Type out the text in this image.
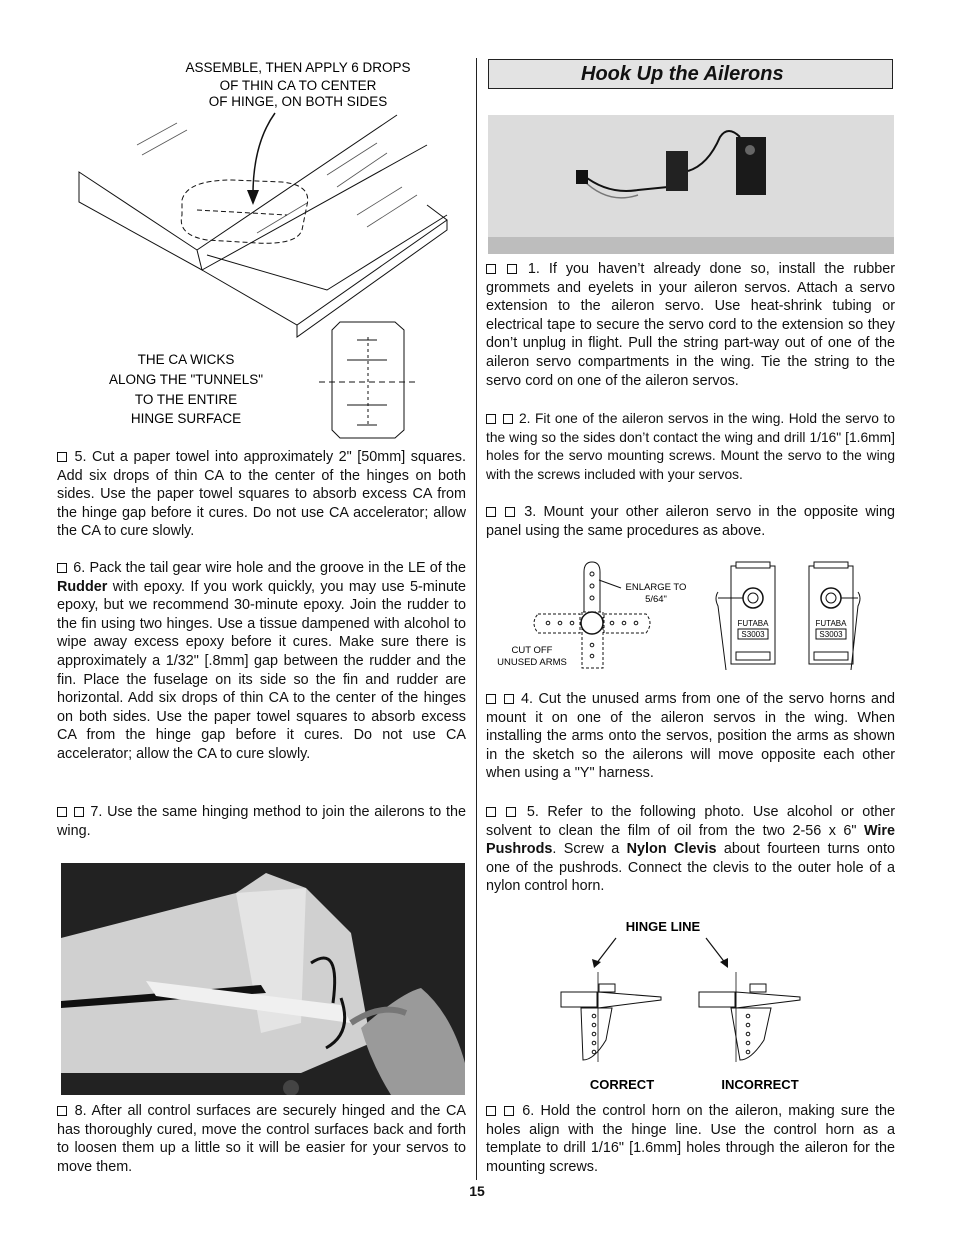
ASSEMBLE, THEN APPLY 6 DROPS
OF THIN CA TO CENTER
OF HINGE, ON BOTH SIDES
THE CA WICKS
ALONG THE "TUNNELS"
TO THE ENTIRE
HINGE SURFACE

5. Cut a paper towel into approximately 2" [50mm] squares. Add six drops of thin CA to the center of the hinges on both sides. Use the paper towel squares to absorb excess CA from the hinge gap before it cures. Do not use CA accelerator; allow the CA to cure slowly.

6. Pack the tail gear wire hole and the groove in the LE of the Rudder with epoxy. If you work quickly, you may use 5-minute epoxy, but we recommend 30-minute epoxy. Join the rudder to the fin using two hinges. Use a tissue dampened with alcohol to wipe away excess epoxy before it cures. Make sure there is approximately a 1/32" [.8mm] gap between the rudder and the fin. Place the fuselage on its side so the fin and rudder are horizontal. Add six drops of thin CA to the center of the hinges on both sides. Use the paper towel squares to absorb excess CA from the hinge gap before it cures. Do not use CA accelerator; allow the CA to cure slowly.

7. Use the same hinging method to join the ailerons to the wing.

8. After all control surfaces are securely hinged and the CA has thoroughly cured, move the control surfaces back and forth to loosen them up a little so it will be easier for your servos to move them.

Hook Up the Ailerons

1. If you haven’t already done so, install the rubber grommets and eyelets in your aileron servos. Attach a servo extension to the aileron servo. Use heat-shrink tubing or electrical tape to secure the servo cord to the extension so they don’t unplug in flight. Pull the string part-way out of one of the aileron servo compartments in the wing. Tie the string to the servo cord on one of the aileron servos.

2. Fit one of the aileron servos in the wing. Hold the servo to the wing so the sides don’t contact the wing and drill 1/16" [1.6mm] holes for the servo mounting screws. Mount the servo to the wing with the screws included with your servos.

3. Mount your other aileron servo in the opposite wing panel using the same procedures as above.

ENLARGE TO
5/64"
CUT OFF
UNUSED ARMS
FUTABA
S3003
FUTABA
S3003

4. Cut the unused arms from one of the servo horns and mount it on one of the aileron servos in the wing. When installing the arms onto the servos, position the arms as shown in the sketch so the ailerons will move opposite each other when using a "Y" harness.

5. Refer to the following photo. Use alcohol or other solvent to clean the film of oil from the two 2-56 x 6" Wire Pushrods. Screw a Nylon Clevis about fourteen turns onto one of the pushrods. Connect the clevis to the outer hole of a nylon control horn.

HINGE LINE
CORRECT	INCORRECT

6. Hold the control horn on the aileron, making sure the holes align with the hinge line. Use the control horn as a template to drill 1/16" [1.6mm] holes through the aileron for the mounting screws.

15
